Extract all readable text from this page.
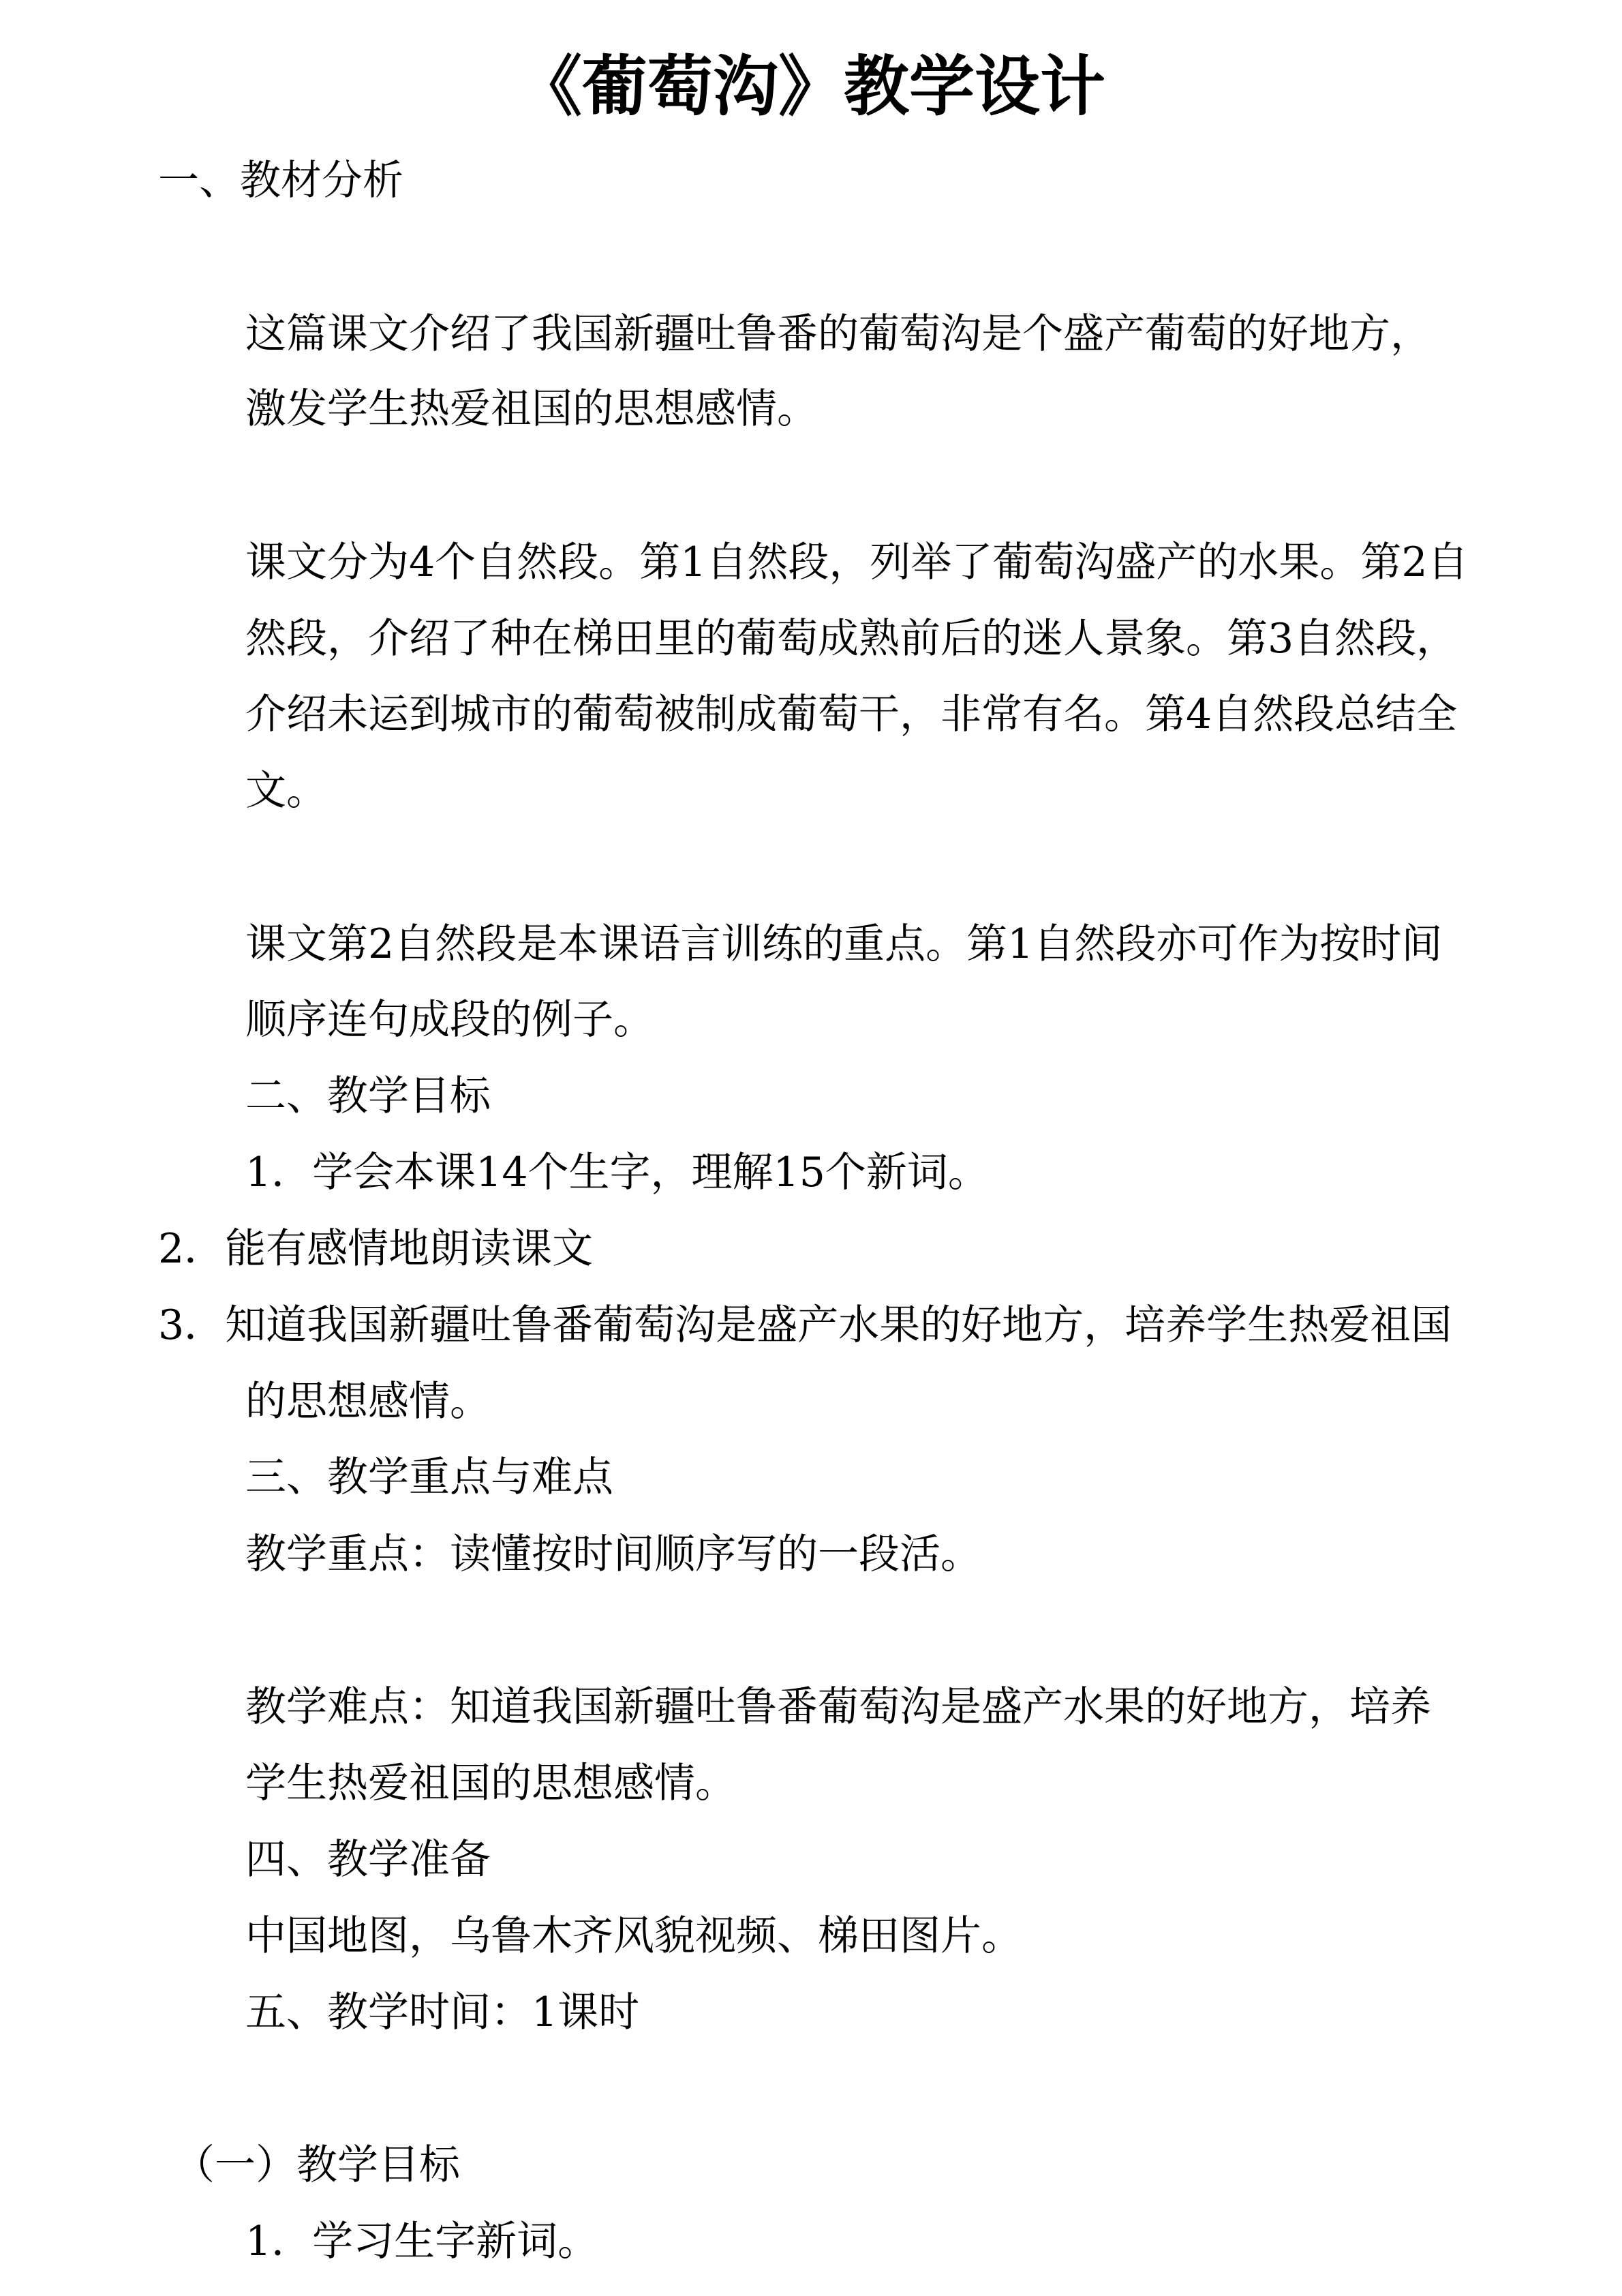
《葡萄沟》教学设计

一、教材分析

这篇课文介绍了我国新疆吐鲁番的葡萄沟是个盛产葡萄的好地方，

激发学生热爱祖国的思想感情。

课文分为4个自然段。第1自然段，列举了葡萄沟盛产的水果。第2自

然段，介绍了种在梯田里的葡萄成熟前后的迷人景象。第3自然段，

介绍未运到城市的葡萄被制成葡萄干，非常有名。第4自然段总结全

文。

课文第2自然段是本课语言训练的重点。第1自然段亦可作为按时间

顺序连句成段的例子。

二、教学目标

1．学会本课14个生字，理解15个新词。

2．能有感情地朗读课文

3．知道我国新疆吐鲁番葡萄沟是盛产水果的好地方，培养学生热爱祖国

的思想感情。

三、教学重点与难点

教学重点：读懂按时间顺序写的一段活。

教学难点：知道我国新疆吐鲁番葡萄沟是盛产水果的好地方，培养

学生热爱祖国的思想感情。

四、教学准备

中国地图，乌鲁木齐风貌视频、梯田图片。

五、教学时间：1课时

（一）教学目标

1．学习生字新词。
